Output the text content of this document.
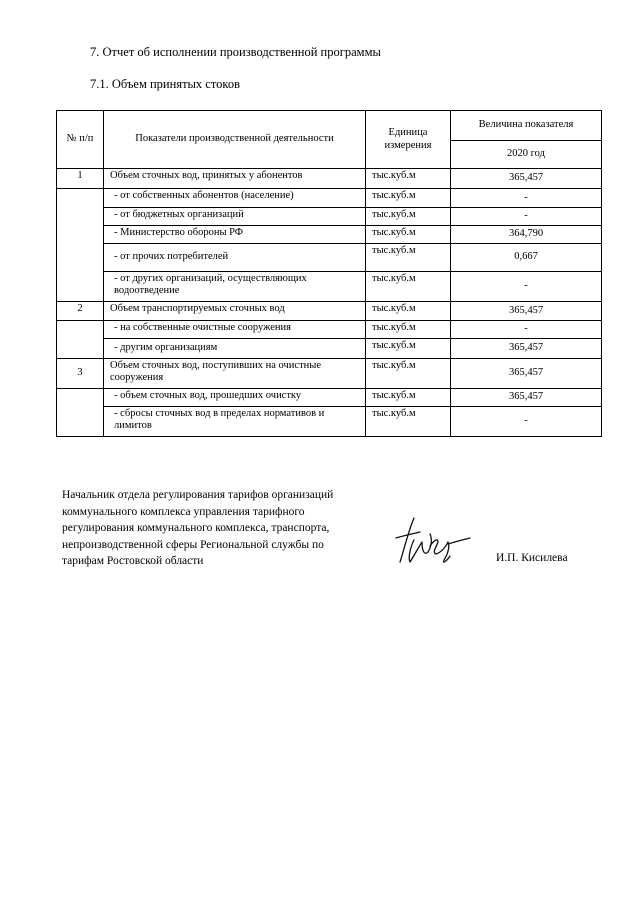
7. Отчет об исполнении производственной программы
7.1. Объем принятых стоков
№ п/п	Показатели производственной деятельности	Единица измерения	Величина показателя
			2020 год
1	Объем сточных вод, принятых у абонентов	тыс.куб.м	365,457
	- от собственных абонентов (население)	тыс.куб.м	-
	- от бюджетных организаций	тыс.куб.м	-
	- Министерство обороны РФ	тыс.куб.м	364,790
	- от прочих потребителей	тыс.куб.м	0,667
	- от других организаций, осуществляющих водоотведение	тыс.куб.м	-
2	Объем транспортируемых сточных вод	тыс.куб.м	365,457
	- на собственные очистные сооружения	тыс.куб.м	-
	- другим организациям	тыс.куб.м	365,457
3	Объем сточных вод, поступивших на очистные сооружения	тыс.куб.м	365,457
	- объем сточных вод, прошедших очистку	тыс.куб.м	365,457
	- сбросы сточных вод в пределах нормативов и лимитов	тыс.куб.м	-
Начальник отдела регулирования тарифов организаций
коммунального комплекса управления тарифного
регулирования коммунального комплекса, транспорта,
непроизводственной сферы Региональной службы по
тарифам Ростовской области	И.П. Кисилева
